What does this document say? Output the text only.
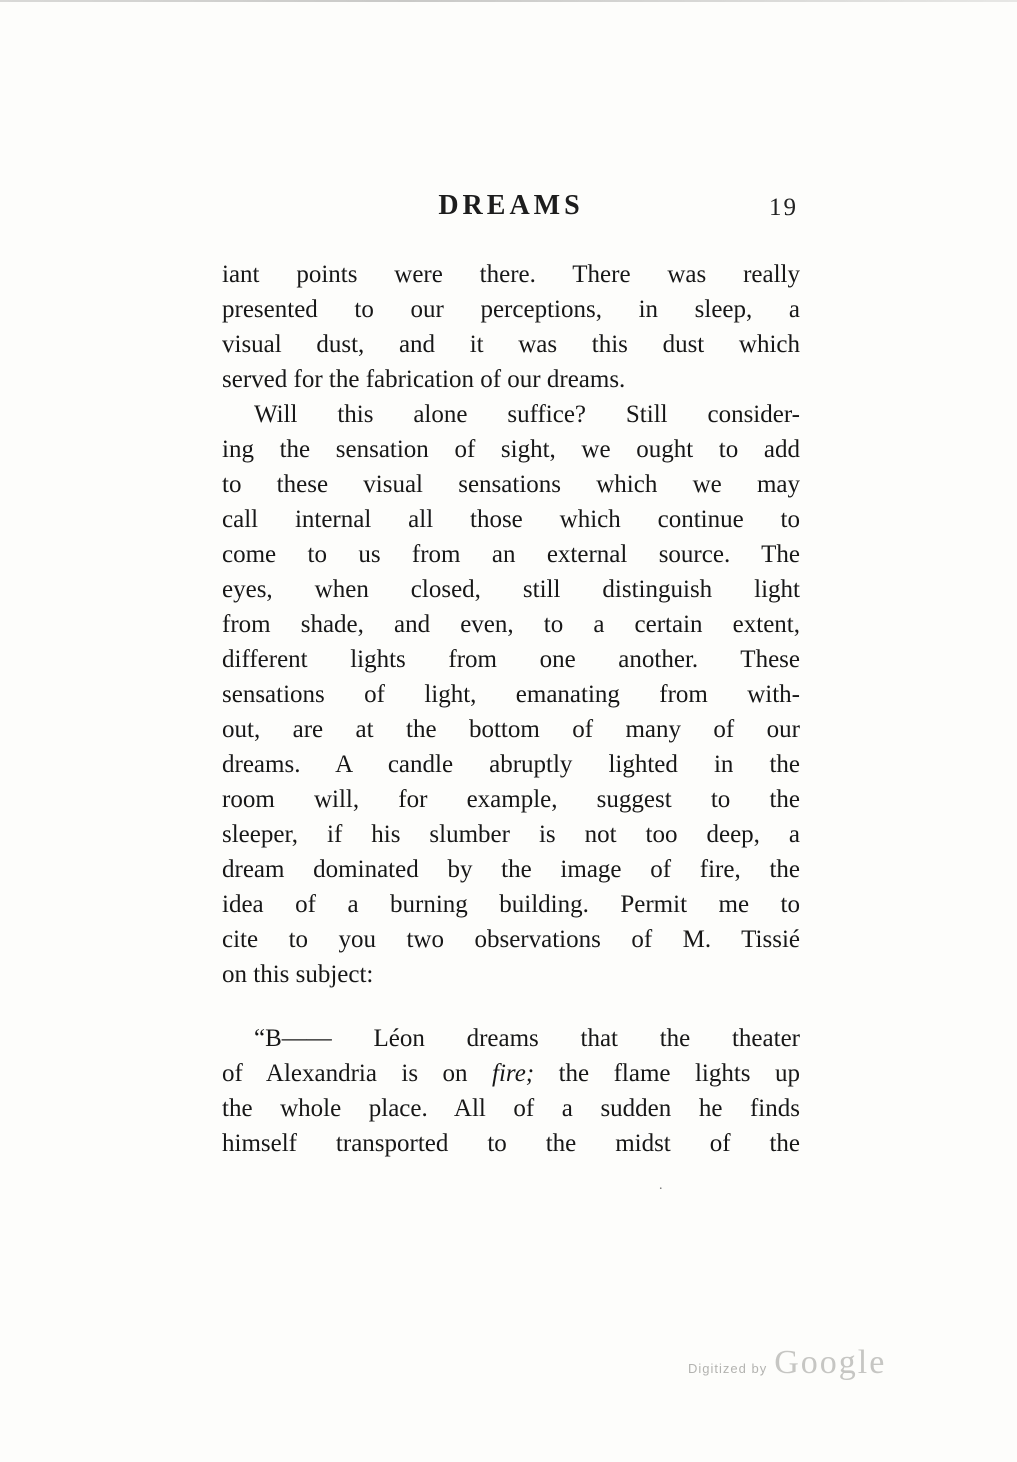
DREAMS	19
iant points were there. There was really
presented to our perceptions, in sleep, a
visual dust, and it was this dust which
served for the fabrication of our dreams.
Will this alone suffice? Still consider-
ing the sensation of sight, we ought to add
to these visual sensations which we may
call internal all those which continue to
come to us from an external source. The
eyes, when closed, still distinguish light
from shade, and even, to a certain extent,
different lights from one another. These
sensations of light, emanating from with-
out, are at the bottom of many of our
dreams. A candle abruptly lighted in the
room will, for example, suggest to the
sleeper, if his slumber is not too deep, a
dream dominated by the image of fire, the
idea of a burning building. Permit me to
cite to you two observations of M. Tissié
on this subject:
“B—— Léon dreams that the theater
of Alexandria is on fire; the flame lights up
the whole place. All of a sudden he finds
himself transported to the midst of the
.
Digitized by Google
